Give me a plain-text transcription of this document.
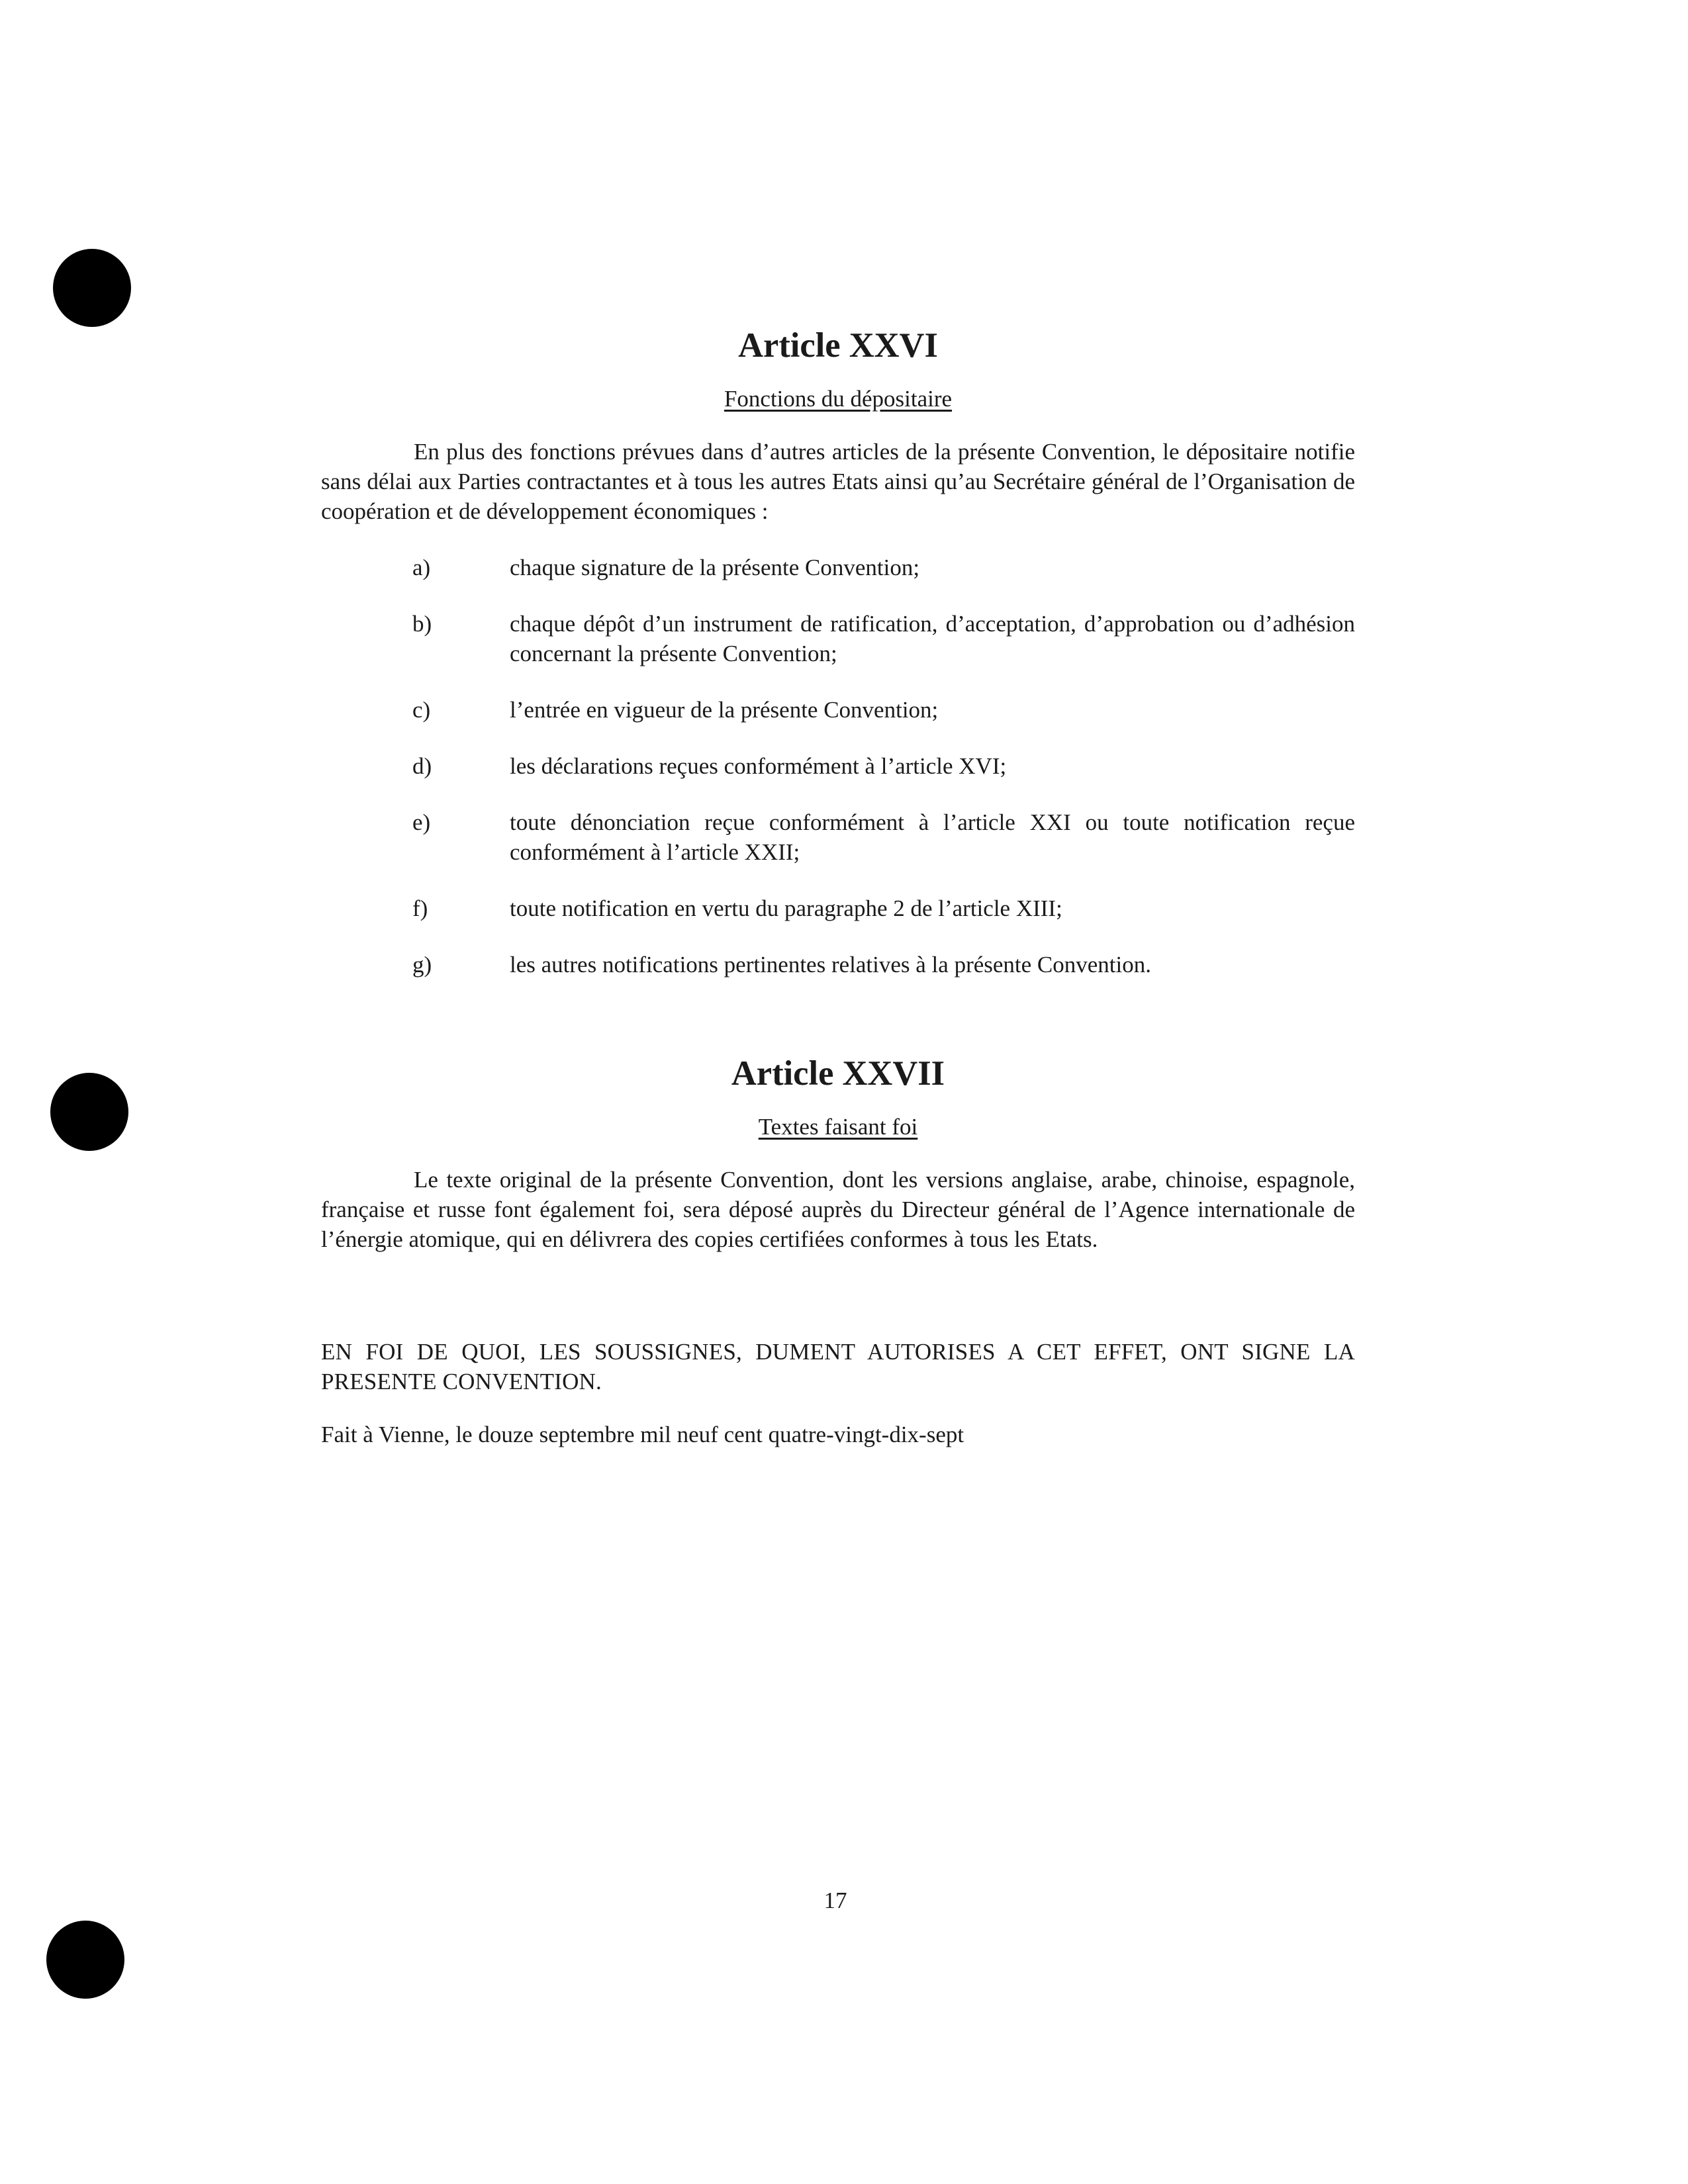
Article XXVI

Fonctions du dépositaire

En plus des fonctions prévues dans d’autres articles de la présente Convention, le dépositaire notifie sans délai aux Parties contractantes et à tous les autres Etats ainsi qu’au Secrétaire général de l’Organisation de coopération et de développement économiques :

a)	chaque signature de la présente Convention;
b)	chaque dépôt d’un instrument de ratification, d’acceptation, d’approbation ou d’adhésion concernant la présente Convention;
c)	l’entrée en vigueur de la présente Convention;
d)	les déclarations reçues conformément à l’article XVI;
e)	toute dénonciation reçue conformément à l’article XXI ou toute notification reçue conformément à l’article XXII;
f)	toute notification en vertu du paragraphe 2 de l’article XIII;
g)	les autres notifications pertinentes relatives à la présente Convention.
Article XXVII

Textes faisant foi

Le texte original de la présente Convention, dont les versions anglaise, arabe, chinoise, espagnole, française et russe font également foi, sera déposé auprès du Directeur général de l’Agence internationale de l’énergie atomique, qui en délivrera des copies certifiées conformes à tous les Etats.

EN FOI DE QUOI, LES SOUSSIGNES, DUMENT AUTORISES A CET EFFET, ONT SIGNE LA PRESENTE CONVENTION.

Fait à Vienne, le douze septembre mil neuf cent quatre-vingt-dix-sept

17
